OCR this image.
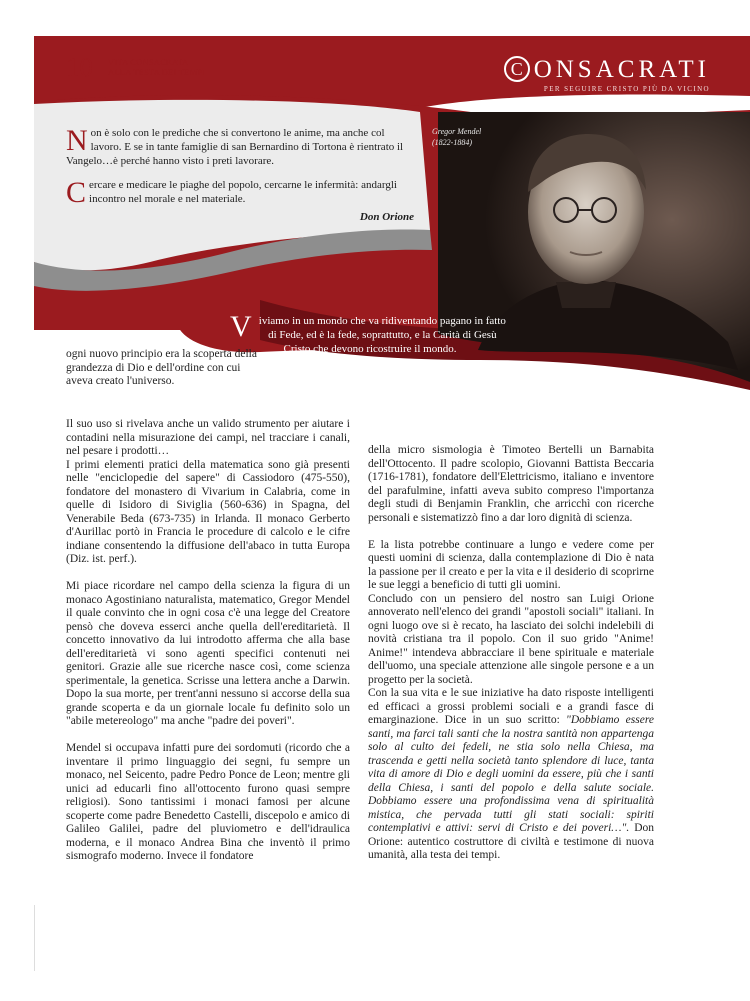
10 VITA CONSACRATA
ALLA TESTA DEI TEMPI	C ONSACRATI
PER SEGUIRE CRISTO PIÙ DA VICINO

Non è solo con le prediche che si convertono le anime, ma anche col lavoro. E se in tante famiglie di san Bernardino di Tortona è rientrato il Vangelo…è perché hanno visto i preti lavorare.

Cercare e medicare le piaghe del popolo, cercarne le infermità: andargli incontro nel morale e nel materiale.

Don Orione
Gregor Mendel
(1822-1884)
Viviamo in un mondo che va ridiventando pagano in fatto di Fede, ed è la fede, soprattutto, e la Carità di Gesù Cristo che devono ricostruire il mondo.
Don Orione
ogni nuovo principio era la scoperta della grandezza di Dio e dell'ordine con cui aveva creato l'universo.

Il suo uso si rivelava anche un valido strumento per aiutare i contadini nella misurazione dei campi, nel tracciare i canali, nel pesare i prodotti…

I primi elementi pratici della matematica sono già presenti nelle "enciclopedie del sapere" di Cassiodoro (475-550), fondatore del monastero di Vivarium in Calabria, come in quelle di Isidoro di Siviglia (560-636) in Spagna, del Venerabile Beda (673-735) in Irlanda. Il monaco Gerberto d'Aurillac portò in Francia le procedure di calcolo e le cifre indiane consentendo la diffusione dell'abaco in tutta Europa (Diz. ist. perf.).

Mi piace ricordare nel campo della scienza la figura di un monaco Agostiniano naturalista, matematico, Gregor Mendel il quale convinto che in ogni cosa c'è una legge del Creatore pensò che doveva esserci anche quella dell'ereditarietà. Il concetto innovativo da lui introdotto afferma che alla base dell'ereditarietà vi sono agenti specifici contenuti nei genitori. Grazie alle sue ricerche nasce così, come scienza sperimentale, la genetica. Scrisse una lettera anche a Darwin. Dopo la sua morte, per trent'anni nessuno si accorse della sua grande scoperta e da un giornale locale fu definito solo un "abile metereologo" ma anche "padre dei poveri".

Mendel si occupava infatti pure dei sordomuti (ricordo che a inventare il primo linguaggio dei segni, fu sempre un monaco, nel Seicento, padre Pedro Ponce de Leon; mentre gli unici ad educarli fino all'ottocento furono quasi sempre religiosi). Sono tantissimi i monaci famosi per alcune scoperte come padre Benedetto Castelli, discepolo e amico di Galileo Galilei, padre del pluviometro e dell'idraulica moderna, e il monaco Andrea Bina che inventò il primo sismografo moderno. Invece il fondatore

della micro sismologia è Timoteo Bertelli un Barnabita dell'Ottocento. Il padre scolopio, Giovanni Battista Beccaria (1716-1781), fondatore dell'Elettricismo, italiano e inventore del parafulmine, infatti aveva subito compreso l'importanza degli studi di Benjamin Franklin, che arricchì con ricerche personali e sistematizzò fino a dar loro dignità di scienza.

E la lista potrebbe continuare a lungo e vedere come per questi uomini di scienza, dalla contemplazione di Dio è nata la passione per il creato e per la vita e il desiderio di scoprirne le sue leggi a beneficio di tutti gli uomini.

Concludo con un pensiero del nostro san Luigi Orione annoverato nell'elenco dei grandi "apostoli sociali" italiani. In ogni luogo ove si è recato, ha lasciato dei solchi indelebili di novità cristiana tra il popolo. Con il suo grido "Anime! Anime!" intendeva abbracciare il bene spirituale e materiale dell'uomo, una speciale attenzione alle singole persone e a un progetto per la società.

Con la sua vita e le sue iniziative ha dato risposte intelligenti ed efficaci a grossi problemi sociali e a grandi fasce di emarginazione. Dice in un suo scritto: "Dobbiamo essere santi, ma farci tali santi che la nostra santità non appartenga solo al culto dei fedeli, ne stia solo nella Chiesa, ma trascenda e getti nella società tanto splendore di luce, tanta vita di amore di Dio e degli uomini da essere, più che i santi della Chiesa, i santi del popolo e della salute sociale. Dobbiamo essere una profondissima vena di spiritualità mistica, che pervada tutti gli stati sociali: spiriti contemplativi e attivi: servi di Cristo e dei poveri…". Don Orione: autentico costruttore di civiltà e testimone di nuova umanità, alla testa dei tempi.
